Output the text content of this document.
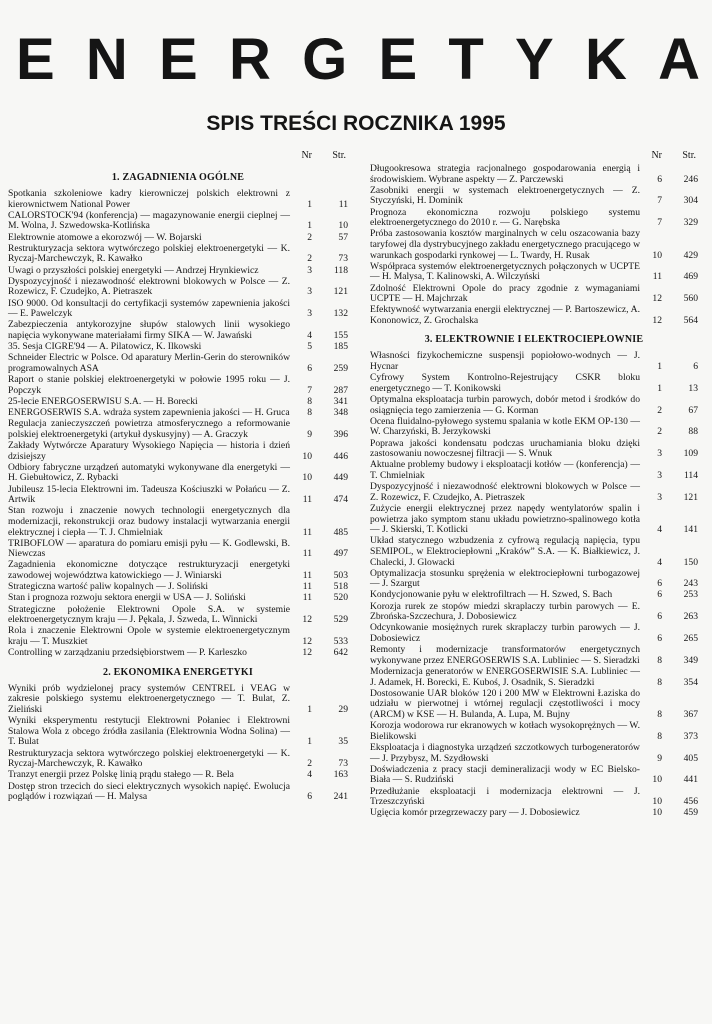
E N E R G E T Y K A
SPIS TREŚCI ROCZNIKA 1995
Nr Str.
1. ZAGADNIENIA OGÓLNE
Spotkania szkoleniowe kadry kierowniczej polskich elektrowni z kierownictwem National Power	1	11
CALORSTOCK'94 (konferencja) — magazynowanie energii cieplnej — M. Wolna, J. Szwedowska-Kotlińska	1	10
Elektrownie atomowe a ekorozwój — W. Bojarski	2	57
Restrukturyzacja sektora wytwórczego polskiej elektroenergetyki — K. Ryczaj-Marchewczyk, R. Kawałko	2	73
Uwagi o przyszłości polskiej energetyki — Andrzej Hrynkiewicz	3	118
Dyspozycyjność i niezawodność elektrowni blokowych w Polsce — Z. Rozewicz, F. Czudejko, A. Pietraszek	3	121
ISO 9000. Od konsultacji do certyfikacji systemów zapewnienia jakości — E. Pawelczyk	3	132
Zabezpieczenia antykorozyjne słupów stalowych linii wysokiego napięcia wykonywane materiałami firmy SIKA — W. Jawański	4	155
35. Sesja CIGRE'94 — A. Pilatowicz, K. Ilkowski	5	185
Schneider Electric w Polsce. Od aparatury Merlin-Gerin do sterowników programowalnych ASA	6	259
Raport o stanie polskiej elektroenergetyki w połowie 1995 roku — J. Popczyk	7	287
25-lecie ENERGOSERWISU S.A. — H. Borecki	8	341
ENERGOSERWIS S.A. wdraża system zapewnienia jakości — H. Gruca	8	348
Regulacja zanieczyszczeń powietrza atmosferycznego a reformowanie polskiej elektroenergetyki (artykuł dyskusyjny) — A. Graczyk	9	396
Zakłady Wytwórcze Aparatury Wysokiego Napięcia — historia i dzień dzisiejszy	10	446
Odbiory fabryczne urządzeń automatyki wykonywane dla energetyki — H. Giebułtowicz, Z. Rybacki	10	449
Jubileusz 15-lecia Elektrowni im. Tadeusza Kościuszki w Połańcu — Z. Artwik	11	474
Stan rozwoju i znaczenie nowych technologii energetycznych dla modernizacji, rekonstrukcji oraz budowy instalacji wytwarzania energii elektrycznej i ciepła — T. J. Chmielniak	11	485
TRIBOFLOW — aparatura do pomiaru emisji pyłu — K. Godlewski, B. Niewczas	11	497
Zagadnienia ekonomiczne dotyczące restrukturyzacji energetyki zawodowej województwa katowickiego — J. Winiarski	11	503
Strategiczna wartość paliw kopalnych — J. Soliński	11	518
Stan i prognoza rozwoju sektora energii w USA — J. Soliński	11	520
Strategiczne położenie Elektrowni Opole S.A. w systemie elektroenergetycznym kraju — J. Pękala, J. Szweda, L. Winnicki	12	529
Rola i znaczenie Elektrowni Opole w systemie elektroenergetycznym kraju — T. Muszkiet	12	533
Controlling w zarządzaniu przedsiębiorstwem — P. Karleszko	12	642
2. EKONOMIKA ENERGETYKI
Wyniki prób wydzielonej pracy systemów CENTREL i VEAG w zakresie polskiego systemu elektroenergetycznego — T. Bulat, Z. Zieliński	1	29
Wyniki eksperymentu restytucji Elektrowni Połaniec i Elektrowni Stalowa Wola z obcego źródła zasilania (Elektrownia Wodna Solina) — T. Bulat	1	35
Restrukturyzacja sektora wytwórczego polskiej elektroenergetyki — K. Ryczaj-Marchewczyk, R. Kawałko	2	73
Tranzyt energii przez Polskę linią prądu stałego — R. Bela	4	163
Dostęp stron trzecich do sieci elektrycznych wysokich napięć. Ewolucja poglądów i rozwiązań — H. Malysa	6	241
Nr Str.
Długookresowa strategia racjonalnego gospodarowania energią i środowiskiem. Wybrane aspekty — Z. Parczewski	6	246
Zasobniki energii w systemach elektroenergetycznych — Z. Styczyński, H. Dominik	7	304
Prognoza ekonomiczna rozwoju polskiego systemu elektroenergetycznego do 2010 r. — G. Narębska	7	329
Próba zastosowania kosztów marginalnych w celu oszacowania bazy taryfowej dla dystrybucyjnego zakładu energetycznego pracującego w warunkach gospodarki rynkowej — L. Twardy, H. Rusak	10	429
Współpraca systemów elektroenergetycznych połączonych w UCPTE — H. Malysa, T. Kalinowski, A. Wilczyński	11	469
Zdolność Elektrowni Opole do pracy zgodnie z wymaganiami UCPTE — H. Majchrzak	12	560
Efektywność wytwarzania energii elektrycznej — P. Bartoszewicz, A. Kononowicz, Z. Grochalska	12	564
3. ELEKTROWNIE I ELEKTROCIEPŁOWNIE
Własności fizykochemiczne suspensji popiołowo-wodnych — J. Hycnar	1	6
Cyfrowy System Kontrolno-Rejestrujący CSKR bloku energetycznego — T. Konikowski	1	13
Optymalna eksploatacja turbin parowych, dobór metod i środków do osiągnięcia tego zamierzenia — G. Korman	2	67
Ocena fluidalno-pyłowego systemu spalania w kotle EKM OP-130 — W. Charzyński, B. Jerzykowski	2	88
Poprawa jakości kondensatu podczas uruchamiania bloku dzięki zastosowaniu nowoczesnej filtracji — S. Wnuk	3	109
Aktualne problemy budowy i eksploatacji kotłów — (konferencja) — T. Chmielniak	3	114
Dyspozycyjność i niezawodność elektrowni blokowych w Polsce — Z. Rozewicz, F. Czudejko, A. Pietraszek	3	121
Zużycie energii elektrycznej przez napędy wentylatorów spalin i powietrza jako symptom stanu układu powietrzno-spalinowego kotła — J. Skierski, T. Kotlicki	4	141
Układ statycznego wzbudzenia z cyfrową regulacją napięcia, typu SEMIPOL, w Elektrociepłowni „Kraków” S.A. — K. Białkiewicz, J. Chalecki, J. Glowacki	4	150
Optymalizacja stosunku sprężenia w elektrociepłowni turbogazowej — J. Szargut	6	243
Kondycjonowanie pyłu w elektrofiltrach — H. Szwed, S. Bach	6	253
Korozja rurek ze stopów miedzi skraplaczy turbin parowych — E. Zbrońska-Szczechura, J. Dobosiewicz	6	263
Odcynkowanie mosiężnych rurek skraplaczy turbin parowych — J. Dobosiewicz	6	265
Remonty i modernizacje transformatorów energetycznych wykonywane przez ENERGOSERWIS S.A. Lubliniec — S. Sieradzki	8	349
Modernizacja generatorów w ENERGOSERWISIE S.A. Lubliniec — J. Adamek, H. Borecki, E. Kuboś, J. Osadnik, S. Sieradzki	8	354
Dostosowanie UAR bloków 120 i 200 MW w Elektrowni Łaziska do udziału w pierwotnej i wtórnej regulacji częstotliwości i mocy (ARCM) w KSE — H. Bulanda, A. Lupa, M. Bujny	8	367
Korozja wodorowa rur ekranowych w kotłach wysokoprężnych — W. Bielikowski	8	373
Eksploatacja i diagnostyka urządzeń szczotkowych turbogeneratorów — J. Przybysz, M. Szydłowski	9	405
Doświadczenia z pracy stacji demineralizacji wody w EC Bielsko-Biała — S. Rudziński	10	441
Przedłużanie eksploatacji i modernizacja elektrowni — J. Trzeszczyński	10	456
Ugięcia komór przegrzewaczy pary — J. Dobosiewicz	10	459
